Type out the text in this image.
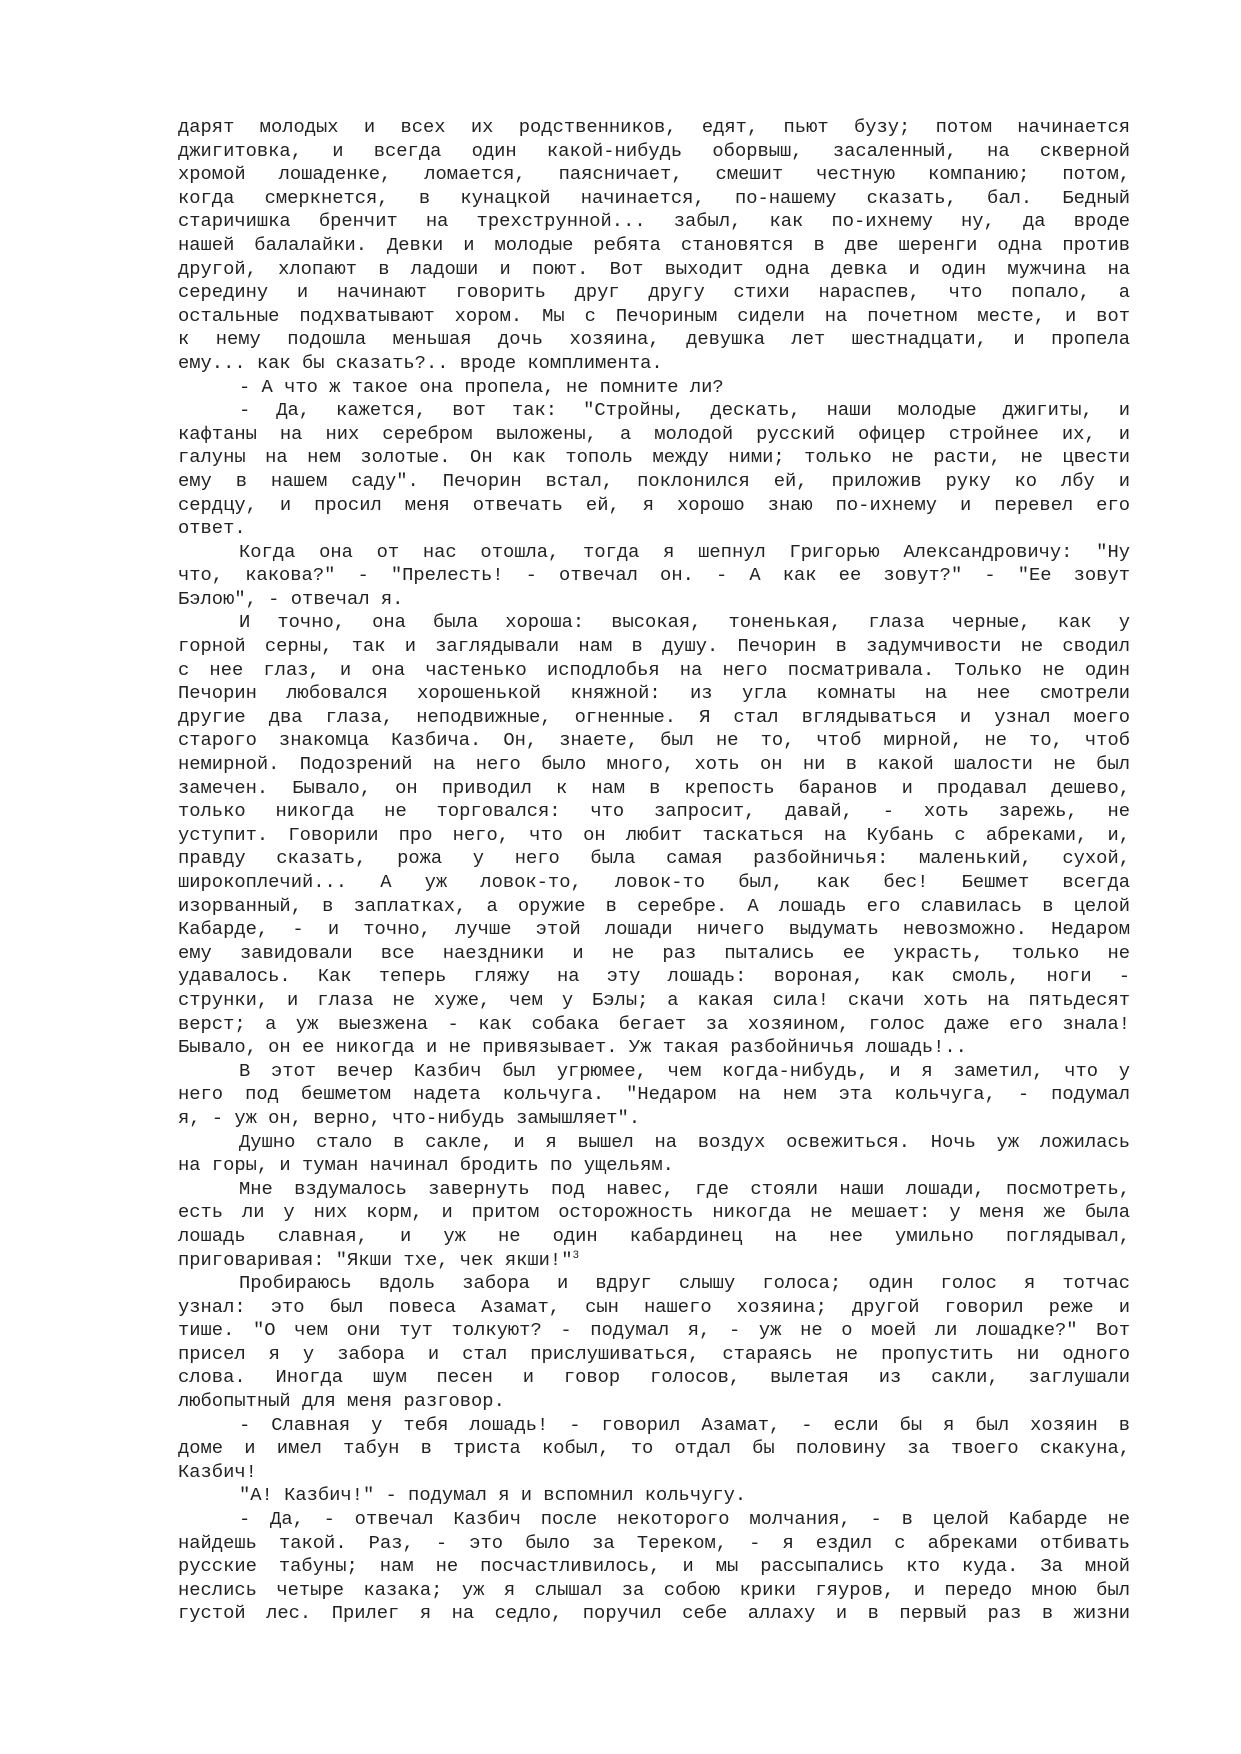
дарят молодых и всех их родственников, едят, пьют бузу; потом начинается
джигитовка, и всегда один какой-нибудь оборвыш, засаленный, на скверной
хромой лошаденке, ломается, паясничает, смешит честную компанию; потом,
когда смеркнется, в кунацкой начинается, по-нашему сказать, бал. Бедный
старичишка бренчит на трехструнной... забыл, как по-ихнему ну, да вроде
нашей балалайки. Девки и молодые ребята становятся в две шеренги одна против
другой, хлопают в ладоши и поют. Вот выходит одна девка и один мужчина на
середину и начинают говорить друг другу стихи нараспев, что попало, а
остальные подхватывают хором. Мы с Печориным сидели на почетном месте, и вот
к нему подошла меньшая дочь хозяина, девушка лет шестнадцати, и пропела
ему... как бы сказать?.. вроде комплимента.
- А что ж такое она пропела, не помните ли?
- Да, кажется, вот так: "Стройны, дескать, наши молодые джигиты, и
кафтаны на них серебром выложены, а молодой русский офицер стройнее их, и
галуны на нем золотые. Он как тополь между ними; только не расти, не цвести
ему в нашем саду". Печорин встал, поклонился ей, приложив руку ко лбу и
сердцу, и просил меня отвечать ей, я хорошо знаю по-ихнему и перевел его
ответ.
Когда она от нас отошла, тогда я шепнул Григорью Александровичу: "Ну
что, какова?" - "Прелесть! - отвечал он. - А как ее зовут?" - "Ее зовут
Бэлою", - отвечал я.
И точно, она была хороша: высокая, тоненькая, глаза черные, как у
горной серны, так и заглядывали нам в душу. Печорин в задумчивости не сводил
с нее глаз, и она частенько исподлобья на него посматривала. Только не один
Печорин любовался хорошенькой княжной: из угла комнаты на нее смотрели
другие два глаза, неподвижные, огненные. Я стал вглядываться и узнал моего
старого знакомца Казбича. Он, знаете, был не то, чтоб мирной, не то, чтоб
немирной. Подозрений на него было много, хоть он ни в какой шалости не был
замечен. Бывало, он приводил к нам в крепость баранов и продавал дешево,
только никогда не торговался: что запросит, давай, - хоть зарежь, не
уступит. Говорили про него, что он любит таскаться на Кубань с абреками, и,
правду сказать, рожа у него была самая разбойничья: маленький, сухой,
широкоплечий... А уж ловок-то, ловок-то был, как бес! Бешмет всегда
изорванный, в заплатках, а оружие в серебре. А лошадь его славилась в целой
Кабарде, - и точно, лучше этой лошади ничего выдумать невозможно. Недаром
ему завидовали все наездники и не раз пытались ее украсть, только не
удавалось. Как теперь гляжу на эту лошадь: вороная, как смоль, ноги -
струнки, и глаза не хуже, чем у Бэлы; а какая сила! скачи хоть на пятьдесят
верст; а уж выезжена - как собака бегает за хозяином, голос даже его знала!
Бывало, он ее никогда и не привязывает. Уж такая разбойничья лошадь!..
В этот вечер Казбич был угрюмее, чем когда-нибудь, и я заметил, что у
него под бешметом надета кольчуга. "Недаром на нем эта кольчуга, - подумал
я, - уж он, верно, что-нибудь замышляет".
Душно стало в сакле, и я вышел на воздух освежиться. Ночь уж ложилась
на горы, и туман начинал бродить по ущельям.
Мне вздумалось завернуть под навес, где стояли наши лошади, посмотреть,
есть ли у них корм, и притом осторожность никогда не мешает: у меня же была
лошадь славная, и уж не один кабардинец на нее умильно поглядывал,
приговаривая: "Якши тхе, чек якши!"$^3$
Пробираюсь вдоль забора и вдруг слышу голоса; один голос я тотчас
узнал: это был повеса Азамат, сын нашего хозяина; другой говорил реже и
тише. "О чем они тут толкуют? - подумал я, - уж не о моей ли лошадке?" Вот
присел я у забора и стал прислушиваться, стараясь не пропустить ни одного
слова. Иногда шум песен и говор голосов, вылетая из сакли, заглушали
любопытный для меня разговор.
- Славная у тебя лошадь! - говорил Азамат, - если бы я был хозяин в
доме и имел табун в триста кобыл, то отдал бы половину за твоего скакуна,
Казбич!
"А! Казбич!" - подумал я и вспомнил кольчугу.
- Да, - отвечал Казбич после некоторого молчания, - в целой Кабарде не
найдешь такой. Раз, - это было за Тереком, - я ездил с абреками отбивать
русские табуны; нам не посчастливилось, и мы рассыпались кто куда. За мной
неслись четыре казака; уж я слышал за собою крики гяуров, и передо мною был
густой лес. Прилег я на седло, поручил себе аллаху и в первый раз в жизни
